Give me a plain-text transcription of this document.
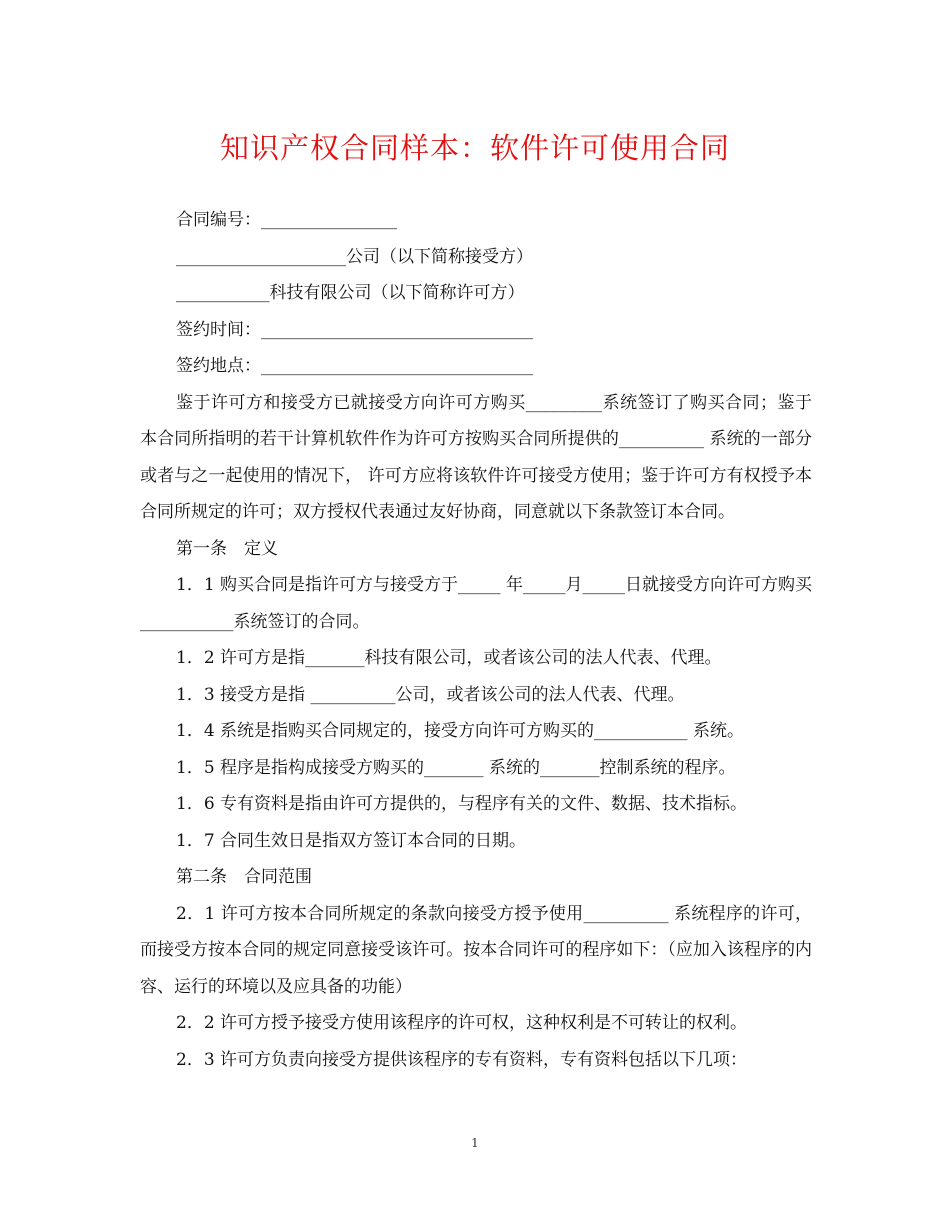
知识产权合同样本：软件许可使用合同

合同编号：________________

____________________公司（以下简称接受方）

___________科技有限公司（以下简称许可方）

签约时间：________________________________

签约地点：________________________________

鉴于许可方和接受方已就接受方向许可方购买_________系统签订了购买合同；鉴于本合同所指明的若干计算机软件作为许可方按购买合同所提供的__________ 系统的一部分或者与之一起使用的情况下， 许可方应将该软件许可接受方使用；鉴于许可方有权授予本合同所规定的许可；双方授权代表通过友好协商，同意就以下条款签订本合同。

第一条　定义

1．1 购买合同是指许可方与接受方于_____ 年_____月_____日就接受方向许可方购买___________系统签订的合同。

1．2 许可方是指_______科技有限公司，或者该公司的法人代表、代理。

1．3 接受方是指 __________公司，或者该公司的法人代表、代理。

1．4 系统是指购买合同规定的，接受方向许可方购买的___________ 系统。

1．5 程序是指构成接受方购买的_______ 系统的_______控制系统的程序。

1．6 专有资料是指由许可方提供的，与程序有关的文件、数据、技术指标。

1．7 合同生效日是指双方签订本合同的日期。

第二条　合同范围

2．1 许可方按本合同所规定的条款向接受方授予使用__________ 系统程序的许可，而接受方按本合同的规定同意接受该许可。按本合同许可的程序如下：（应加入该程序的内容、运行的环境以及应具备的功能）

2．2 许可方授予接受方使用该程序的许可权，这种权利是不可转让的权利。

2．3 许可方负责向接受方提供该程序的专有资料，专有资料包括以下几项：

1
